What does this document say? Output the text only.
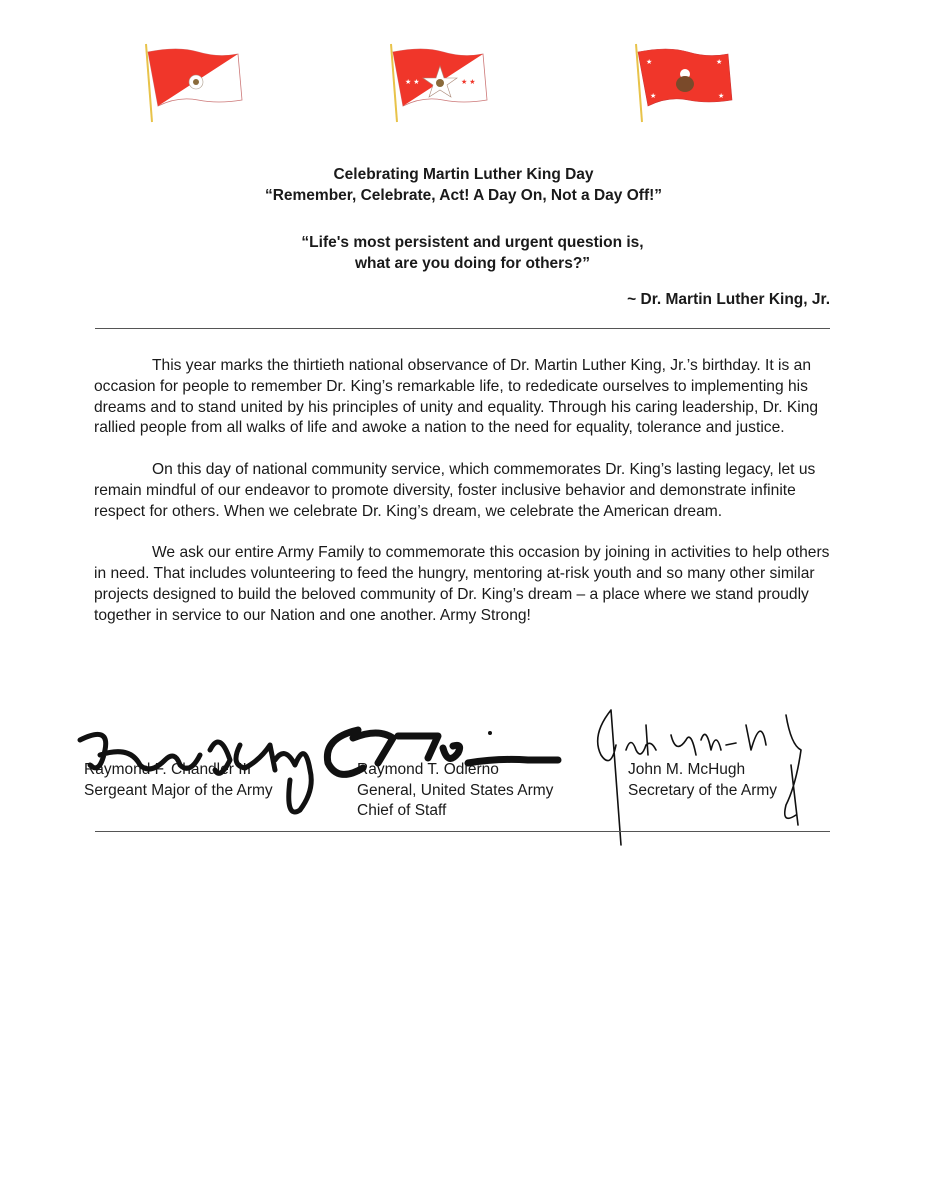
★ ★	★ ★
★	★
★	★
Celebrating Martin Luther King Day
“Remember, Celebrate, Act! A Day On, Not a Day Off!”
“Life's most persistent and urgent question is,
what are you doing for others?”
~ Dr. Martin Luther King, Jr.

This year marks the thirtieth national observance of Dr. Martin Luther King, Jr.’s birthday. It is an occasion for people to remember Dr. King’s remarkable life, to rededicate ourselves to implementing his dreams and to stand united by his principles of unity and equality. Through his caring leadership, Dr. King rallied people from all walks of life and awoke a nation to the need for equality, tolerance and justice.

On this day of national community service, which commemorates Dr. King’s lasting legacy, let us remain mindful of our endeavor to promote diversity, foster inclusive behavior and demonstrate infinite respect for others. When we celebrate Dr. King’s dream, we celebrate the American dream.

We ask our entire Army Family to commemorate this occasion by joining in activities to help others in need. That includes volunteering to feed the hungry, mentoring at-risk youth and so many other similar projects designed to build the beloved community of Dr. King’s dream – a place where we stand proudly together in service to our Nation and one another. Army Strong!

Raymond F. Chandler III
Sergeant Major of the Army
Raymond T. Odierno
General, United States Army
Chief of Staff
John M. McHugh
Secretary of the Army
